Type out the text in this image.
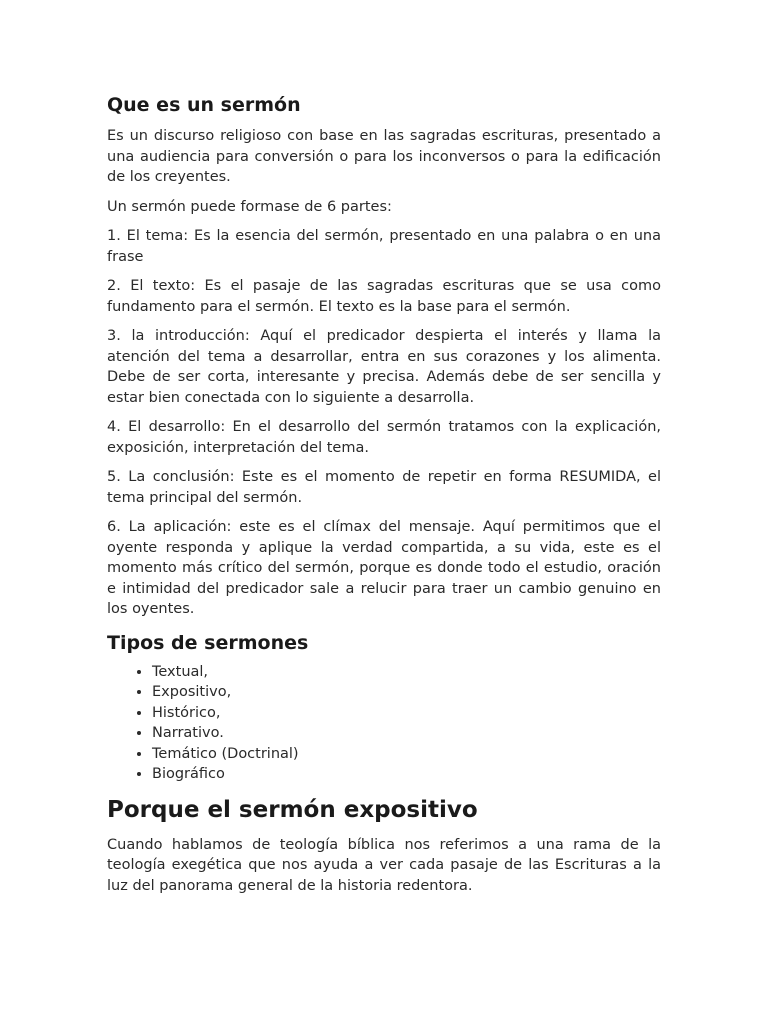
Que es un sermón

Es un discurso religioso con base en las sagradas escrituras, presentado a una audiencia para conversión o para los inconversos o para la edificación de los creyentes.

Un sermón puede formase de 6 partes:

1. El tema: Es la esencia del sermón, presentado en una palabra o en una frase

2. El texto: Es el pasaje de las sagradas escrituras que se usa como fundamento para el sermón. El texto es la base para el sermón.

3. la introducción: Aquí el predicador despierta el interés y llama la atención del tema a desarrollar, entra en sus corazones y los alimenta. Debe de ser corta, interesante y precisa. Además debe de ser sencilla y estar bien conectada con lo siguiente a desarrolla.

4. El desarrollo: En el desarrollo del sermón tratamos con la explicación, exposición, interpretación del tema.

5. La conclusión: Este es el momento de repetir en forma RESUMIDA, el tema principal del sermón.

6. La aplicación: este es el clímax del mensaje. Aquí permitimos que el oyente responda y aplique la verdad compartida, a su vida, este es el momento más crítico del sermón, porque es donde todo el estudio, oración e intimidad del predicador sale a relucir para traer un cambio genuino en los oyentes.

Tipos de sermones
• Textual,
• Expositivo,
• Histórico,
• Narrativo.
• Temático (Doctrinal)
• Biográfico
Porque el sermón expositivo

Cuando hablamos de teología bíblica nos referimos a una rama de la teología exegética que nos ayuda a ver cada pasaje de las Escrituras a la luz del panorama general de la historia redentora.
